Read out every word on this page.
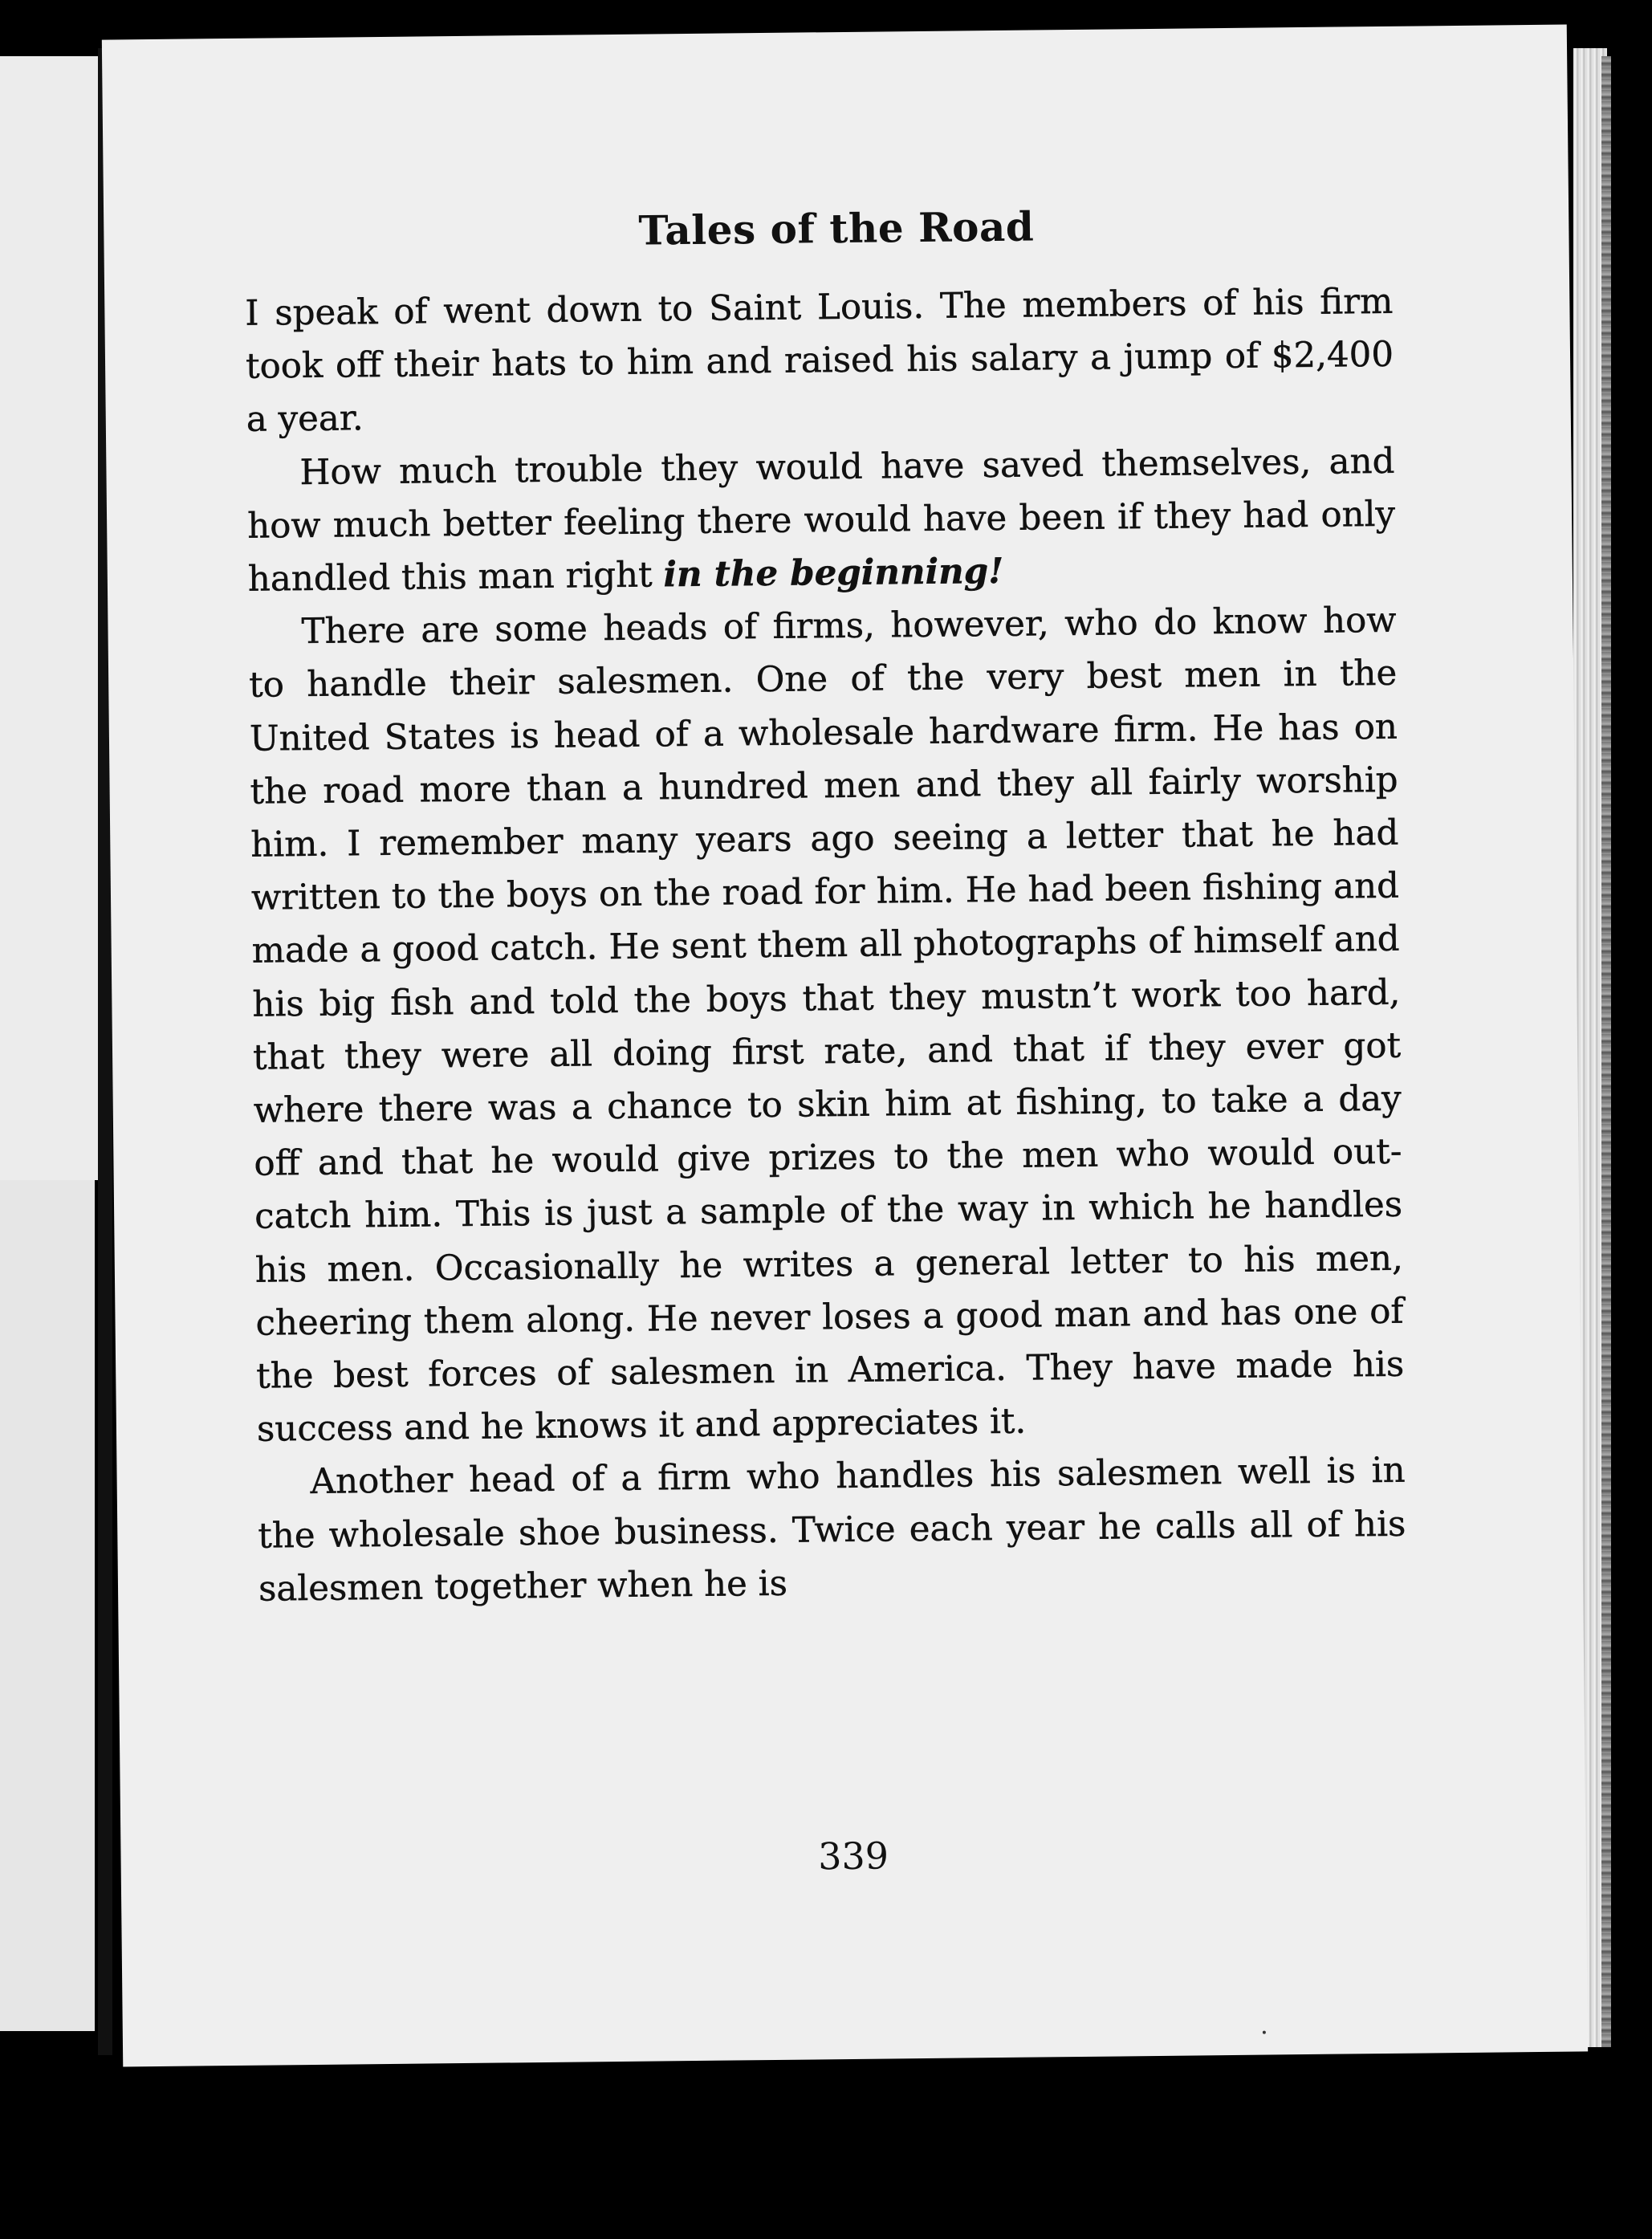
Tales of the Road

I speak of went down to Saint Louis. The members of his firm took off their hats to him and raised his salary a jump of $2,400 a year.

How much trouble they would have saved themselves, and how much better feeling there would have been if they had only handled this man right in the beginning!

There are some heads of firms, however, who do know how to handle their salesmen. One of the very best men in the United States is head of a wholesale hardware firm. He has on the road more than a hundred men and they all fairly worship him. I remember many years ago seeing a letter that he had written to the boys on the road for him. He had been fishing and made a good catch. He sent them all photographs of himself and his big fish and told the boys that they mustn’t work too hard, that they were all doing first rate, and that if they ever got where there was a chance to skin him at fishing, to take a day off and that he would give prizes to the men who would out-catch him. This is just a sample of the way in which he handles his men. Occasionally he writes a general letter to his men, cheering them along. He never loses a good man and has one of the best forces of salesmen in America. They have made his success and he knows it and appreciates it.

Another head of a firm who handles his salesmen well is in the wholesale shoe business. Twice each year he calls all of his salesmen together when he is

339
